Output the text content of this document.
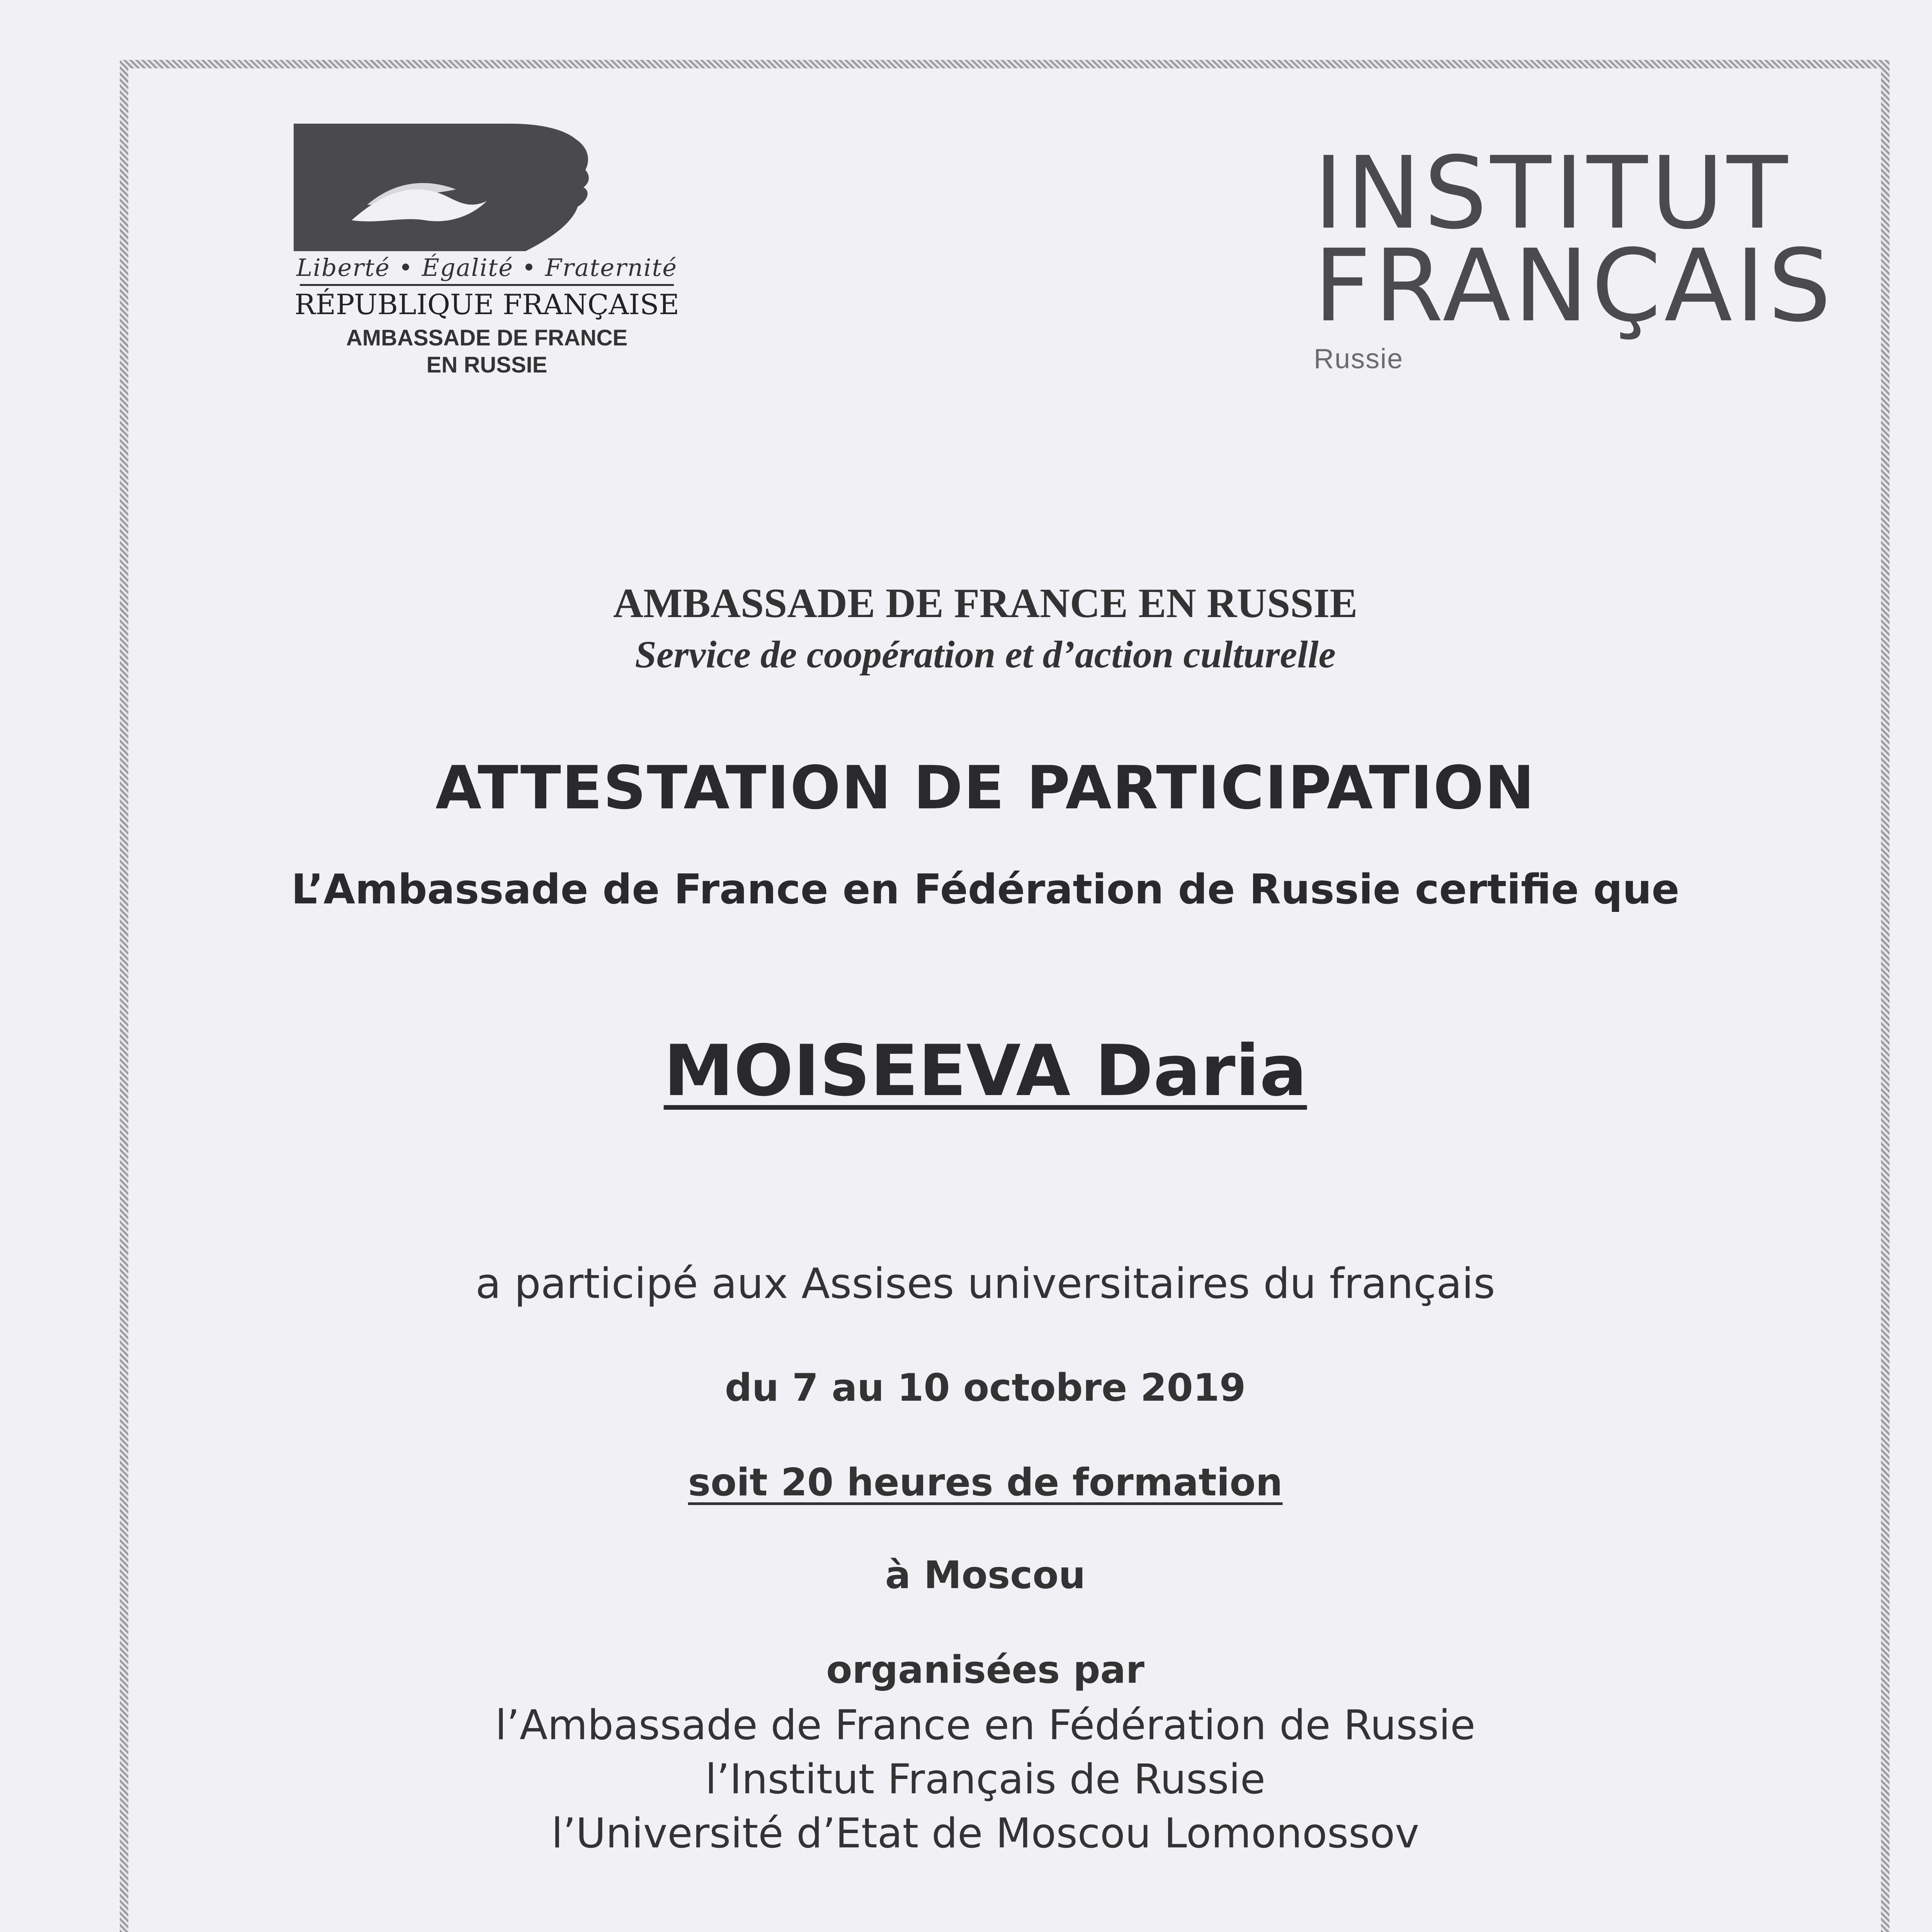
Liberté • Égalité • Fraternité
RÉPUBLIQUE FRANÇAISE
AMBASSADE DE FRANCE
EN RUSSIE
INSTITUT
FRANÇAIS
Russie
AMBASSADE DE FRANCE EN RUSSIE
Service de coopération et d’action culturelle
ATTESTATION DE PARTICIPATION
L’Ambassade de France en Fédération de Russie certifie que
MOISEEVA Daria
a participé aux Assises universitaires du français
du 7 au 10 octobre 2019
soit 20 heures de formation
à Moscou
organisées par
l’Ambassade de France en Fédération de Russie
l’Institut Français de Russie
l’Université d’Etat de Moscou Lomonossov
